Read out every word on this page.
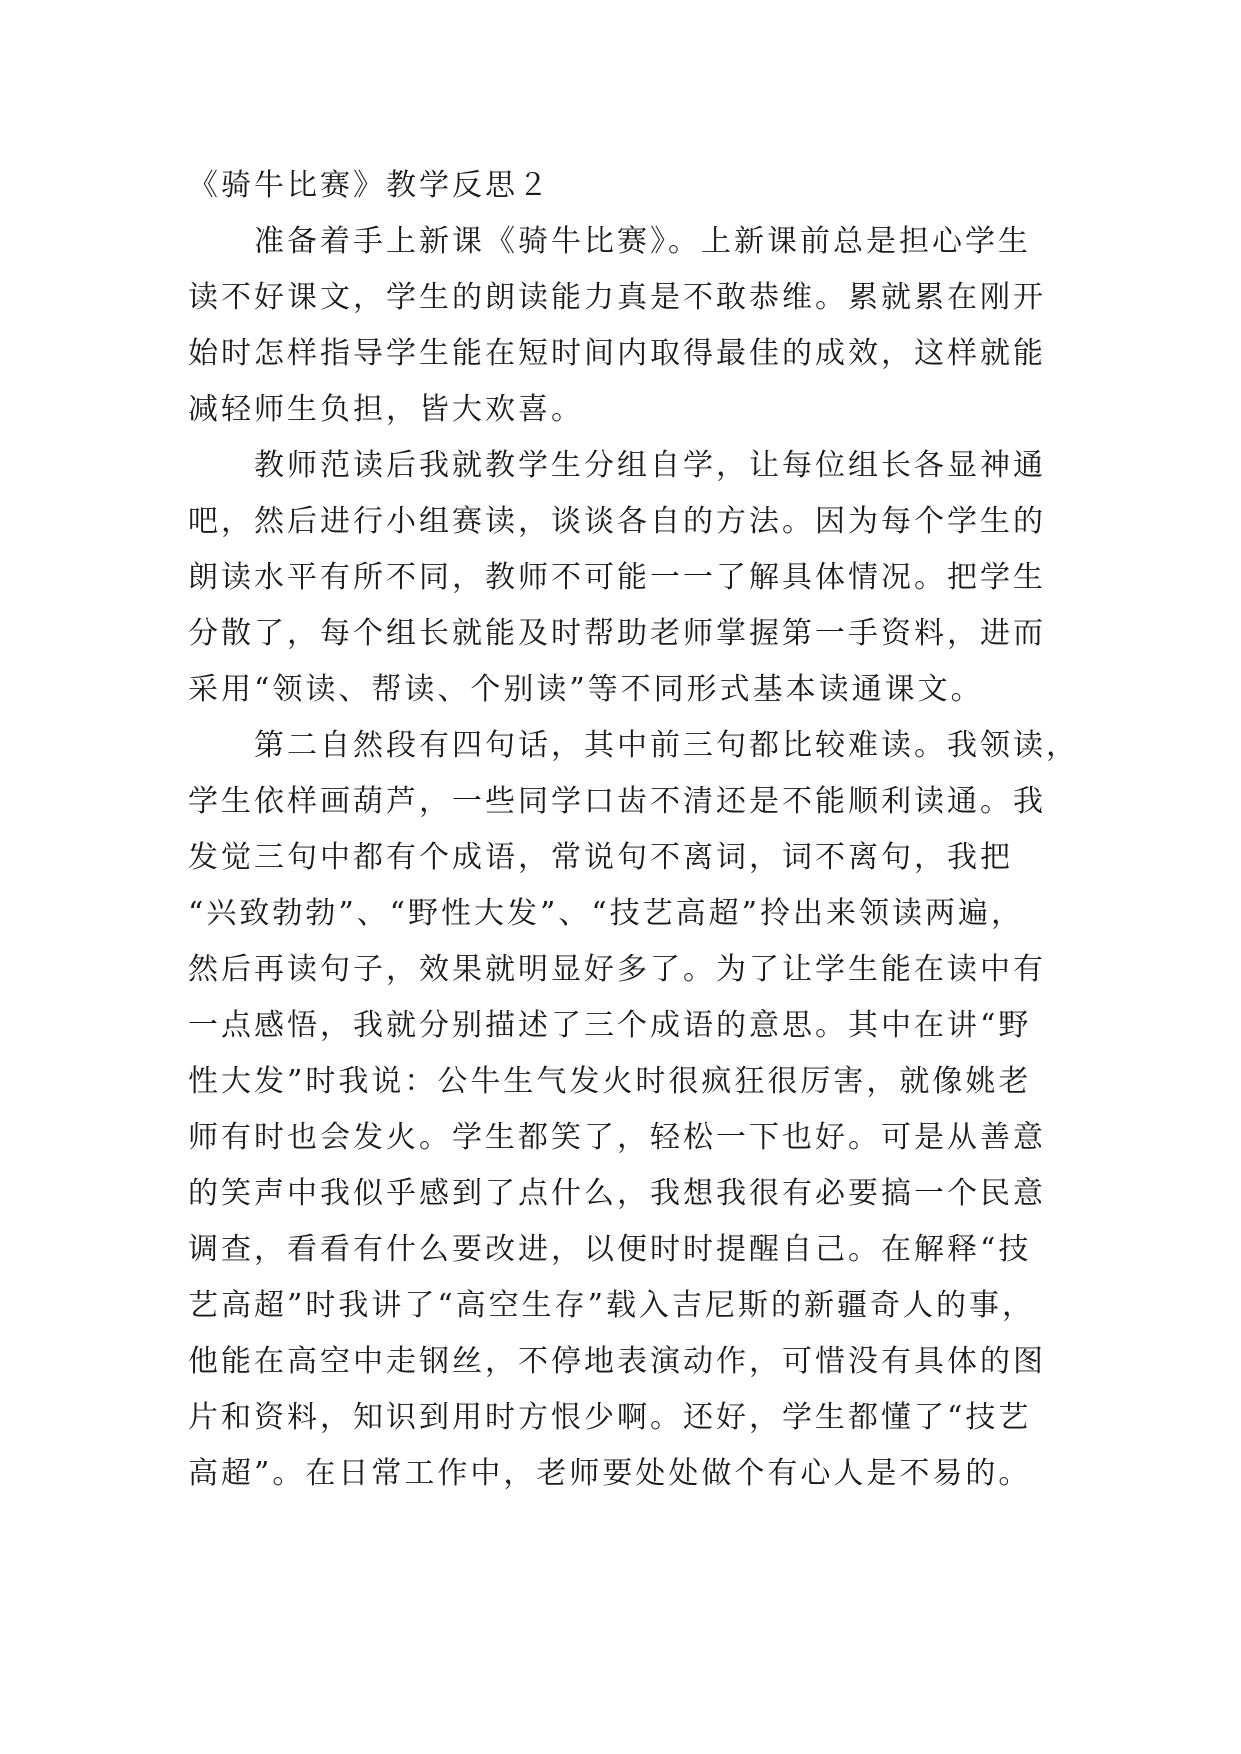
《骑牛比赛》教学反思２

准备着手上新课《骑牛比赛》。上新课前总是担心学生
读不好课文，学生的朗读能力真是不敢恭维。累就累在刚开
始时怎样指导学生能在短时间内取得最佳的成效，这样就能
减轻师生负担，皆大欢喜。

教师范读后我就教学生分组自学，让每位组长各显神通
吧，然后进行小组赛读，谈谈各自的方法。因为每个学生的
朗读水平有所不同，教师不可能一一了解具体情况。把学生
分散了，每个组长就能及时帮助老师掌握第一手资料，进而
采用“领读、帮读、个别读”等不同形式基本读通课文。

第二自然段有四句话，其中前三句都比较难读。我领读，
学生依样画葫芦，一些同学口齿不清还是不能顺利读通。我
发觉三句中都有个成语，常说句不离词，词不离句，我把
“兴致勃勃”、“野性大发”、“技艺高超”拎出来领读两遍，
然后再读句子，效果就明显好多了。为了让学生能在读中有
一点感悟，我就分别描述了三个成语的意思。其中在讲“野
性大发”时我说：公牛生气发火时很疯狂很厉害，就像姚老
师有时也会发火。学生都笑了，轻松一下也好。可是从善意
的笑声中我似乎感到了点什么，我想我很有必要搞一个民意
调查，看看有什么要改进，以便时时提醒自己。在解释“技
艺高超”时我讲了“高空生存”载入吉尼斯的新疆奇人的事，
他能在高空中走钢丝，不停地表演动作，可惜没有具体的图
片和资料，知识到用时方恨少啊。还好，学生都懂了“技艺
高超”。在日常工作中，老师要处处做个有心人是不易的。
